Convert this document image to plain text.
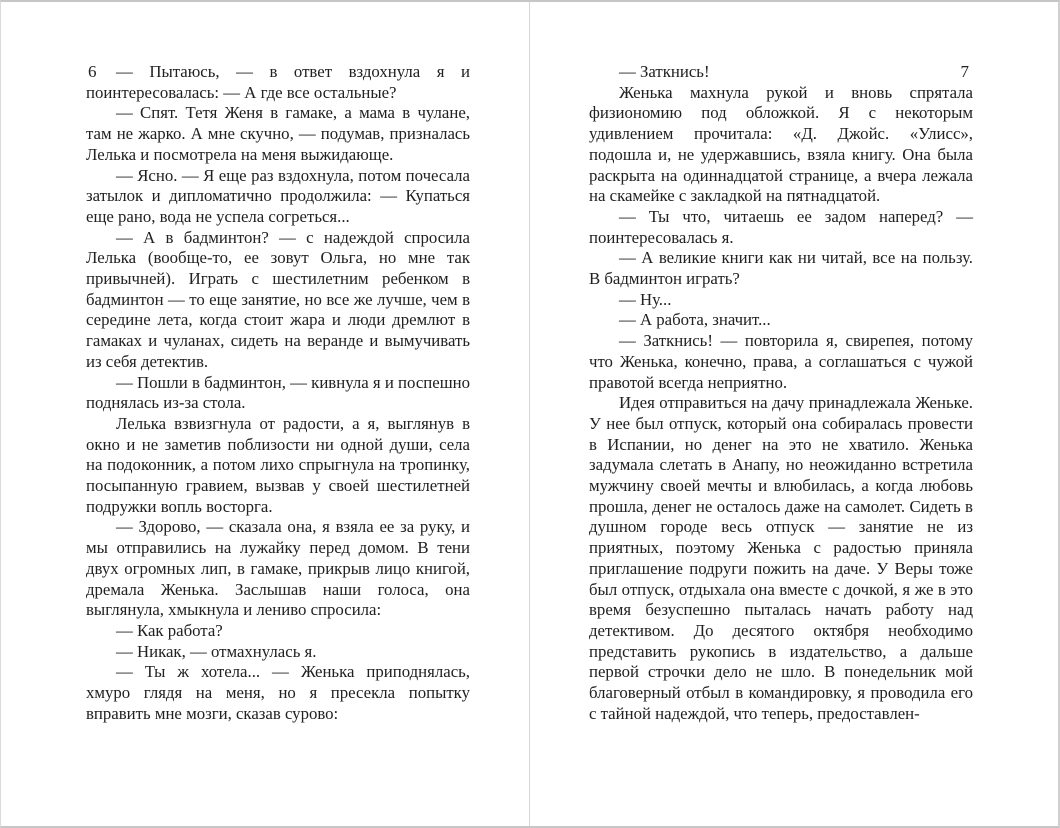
6	— Пытаюсь, — в ответ вздохнула я и поинтересовалась: — А где все остальные?

— Спят. Тетя Женя в гамаке, а мама в чулане, там не жарко. А мне скучно, — подумав, призналась Лелька и посмотрела на меня выжидающе.

— Ясно. — Я еще раз вздохнула, потом почесала затылок и дипломатично продолжила: — Купаться еще рано, вода не успела согреться...

— А в бадминтон? — с надеждой спросила Лелька (вообще-то, ее зовут Ольга, но мне так привычней). Играть с шестилетним ребенком в бадминтон — то еще занятие, но все же лучше, чем в середине лета, когда стоит жара и люди дремлют в гамаках и чуланах, сидеть на веранде и вымучивать из себя детектив.

— Пошли в бадминтон, — кивнула я и поспешно поднялась из-за стола.

Лелька взвизгнула от радости, а я, выглянув в окно и не заметив поблизости ни одной души, села на подоконник, а потом лихо спрыгнула на тропинку, посыпанную гравием, вызвав у своей шестилетней подружки вопль восторга.

— Здорово, — сказала она, я взяла ее за руку, и мы отправились на лужайку перед домом. В тени двух огромных лип, в гамаке, прикрыв лицо книгой, дремала Женька. Заслышав наши голоса, она выглянула, хмыкнула и лениво спросила:

— Как работа?

— Никак, — отмахнулась я.

— Ты ж хотела... — Женька приподнялась, хмуро глядя на меня, но я пресекла попытку вправить мне мозги, сказав сурово:

7

— Заткнись!

Женька махнула рукой и вновь спрятала физиономию под обложкой. Я с некоторым удивлением прочитала: «Д. Джойс. «Улисс», подошла и, не удержавшись, взяла книгу. Она была раскрыта на одиннадцатой странице, а вчера лежала на скамейке с закладкой на пятнадцатой.

— Ты что, читаешь ее задом наперед? — поинтересовалась я.

— А великие книги как ни читай, все на пользу. В бадминтон играть?

— Ну...

— А работа, значит...

— Заткнись! — повторила я, свирепея, потому что Женька, конечно, права, а соглашаться с чужой правотой всегда неприятно.

Идея отправиться на дачу принадлежала Женьке. У нее был отпуск, который она собиралась провести в Испании, но денег на это не хватило. Женька задумала слетать в Анапу, но неожиданно встретила мужчину своей мечты и влюбилась, а когда любовь прошла, денег не осталось даже на самолет. Сидеть в душном городе весь отпуск — занятие не из приятных, поэтому Женька с радостью приняла приглашение подруги пожить на даче. У Веры тоже был отпуск, отдыхала она вместе с дочкой, я же в это время безуспешно пыталась начать работу над детективом. До десятого октября необходимо представить рукопись в издательство, а дальше первой строчки дело не шло. В понедельник мой благоверный отбыл в командировку, я проводила его с тайной надеждой, что теперь, предоставлен-
